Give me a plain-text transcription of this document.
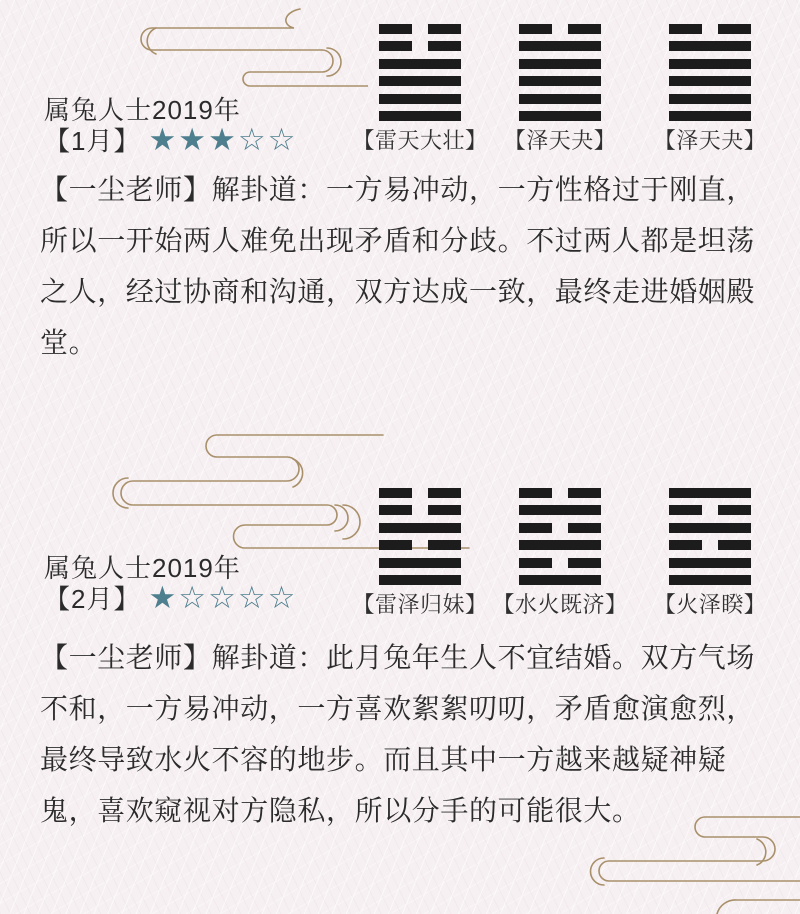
属兔人士2019年
【1月】 ★★★☆☆	【雷天大壮】 【泽天夬】	【泽天夬】
【一尘老师】解卦道：一方易冲动，一方性格过于刚直，所以一开始两人难免出现矛盾和分歧。不过两人都是坦荡之人，经过协商和沟通，双方达成一致，最终走进婚姻殿堂。
属兔人士2019年
【2月】 ★☆☆☆☆	【雷泽归妹】 【水火既济】	【火泽睽】
【一尘老师】解卦道：此月兔年生人不宜结婚。双方气场不和，一方易冲动，一方喜欢絮絮叨叨，矛盾愈演愈烈，最终导致水火不容的地步。而且其中一方越来越疑神疑鬼，喜欢窥视对方隐私，所以分手的可能很大。
